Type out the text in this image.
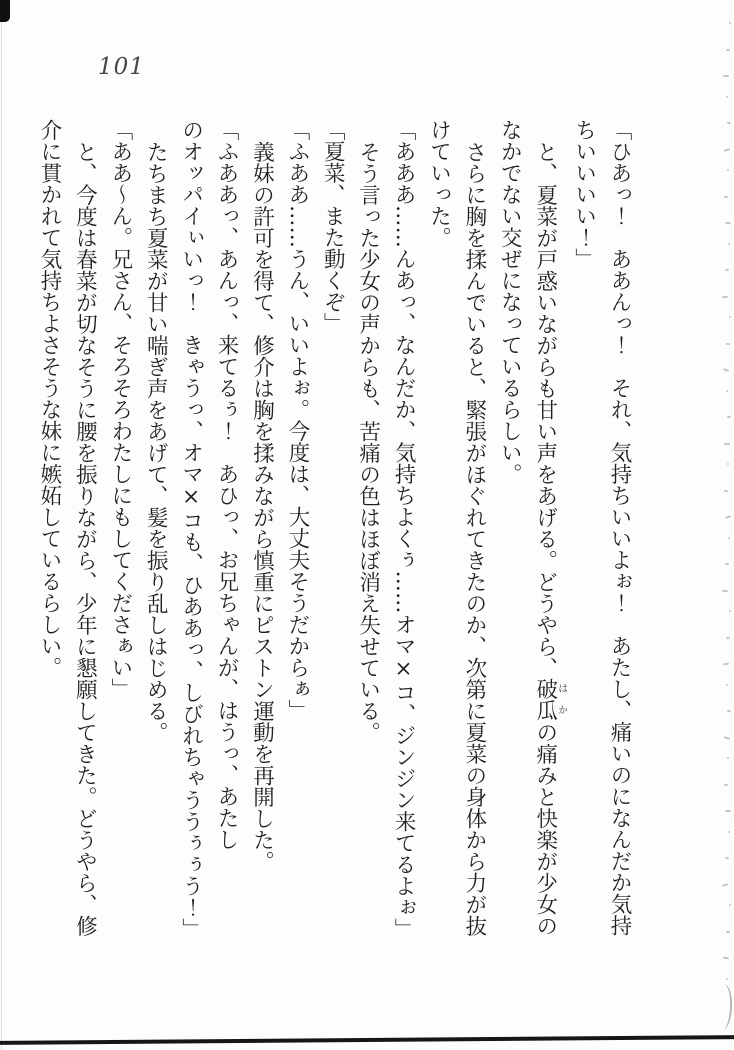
101

「ひあっ！　ああんっ！　それ、気持ちいいよぉ！　あたし、痛いのになんだか気持

ちいいいい！」

と、夏菜が戸惑いながらも甘い声をあげる。どうやら、破瓜はかの痛みと快楽が少女の

なかでない交ぜになっているらしい。

さらに胸を揉んでいると、緊張がほぐれてきたのか、次第に夏菜の身体から力が抜

けていった。

「あああ……んあっ、なんだか、気持ちよくぅ……オマ×コ、ジンジン来てるよぉ」

そう言った少女の声からも、苦痛の色はほぼ消え失せている。

「夏菜、また動くぞ」

「ふああ……うん、いいよぉ。今度は、大丈夫そうだからぁ」

義妹の許可を得て、修介は胸を揉みながら慎重にピストン運動を再開した。

「ふああっ、あんっ、来てるぅ！　あひっ、お兄ちゃんが、はうっ、あたし

のオッパイぃいっ！　きゃうっ、オマ×コも、ひああっ、しびれちゃううぅぅう！」

たちまち夏菜が甘い喘ぎ声をあげて、髪を振り乱しはじめる。

「ああ〜ん。兄さん、そろそろわたしにもしてくださぁい」

と、今度は春菜が切なそうに腰を振りながら、少年に懇願してきた。どうやら、修

介に貫かれて気持ちよさそうな妹に嫉妬しているらしい。
